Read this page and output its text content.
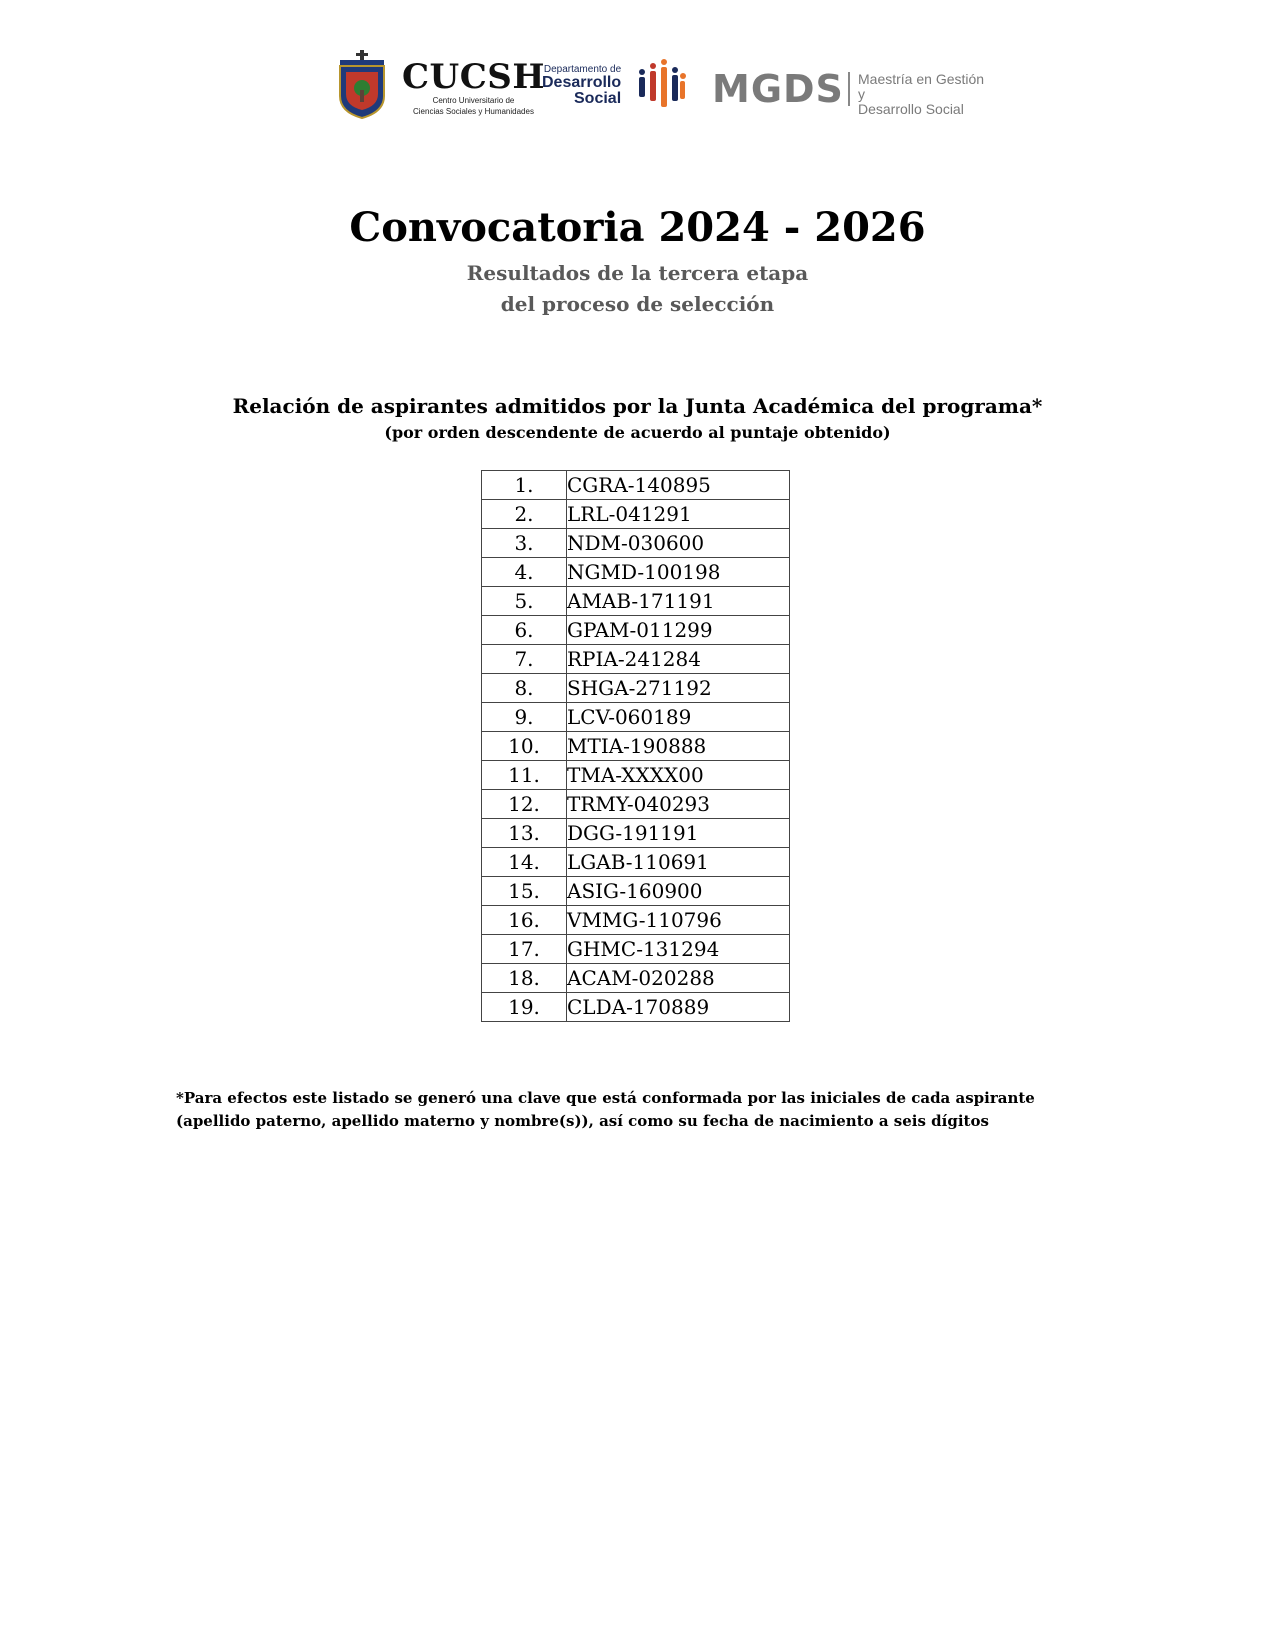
CUCSH
Centro Universitario de
Ciencias Sociales y Humanidades
Departamento de
Desarrollo
Social MGDS Maestría en Gestión y
Desarrollo Social
Convocatoria 2024 - 2026
Resultados de la tercera etapa
del proceso de selección
Relación de aspirantes admitidos por la Junta Académica del programa*
(por orden descendente de acuerdo al puntaje obtenido)
1.	CGRA-140895
2.	LRL-041291
3.	NDM-030600
4.	NGMD-100198
5.	AMAB-171191
6.	GPAM-011299
7.	RPIA-241284
8.	SHGA-271192
9.	LCV-060189
10.	MTIA-190888
11.	TMA-XXXX00
12.	TRMY-040293
13.	DGG-191191
14.	LGAB-110691
15.	ASIG-160900
16.	VMMG-110796
17.	GHMC-131294
18.	ACAM-020288
19.	CLDA-170889
*Para efectos este listado se generó una clave que está conformada por las iniciales de cada aspirante (apellido paterno, apellido materno y nombre(s)), así como su fecha de nacimiento a seis dígitos
